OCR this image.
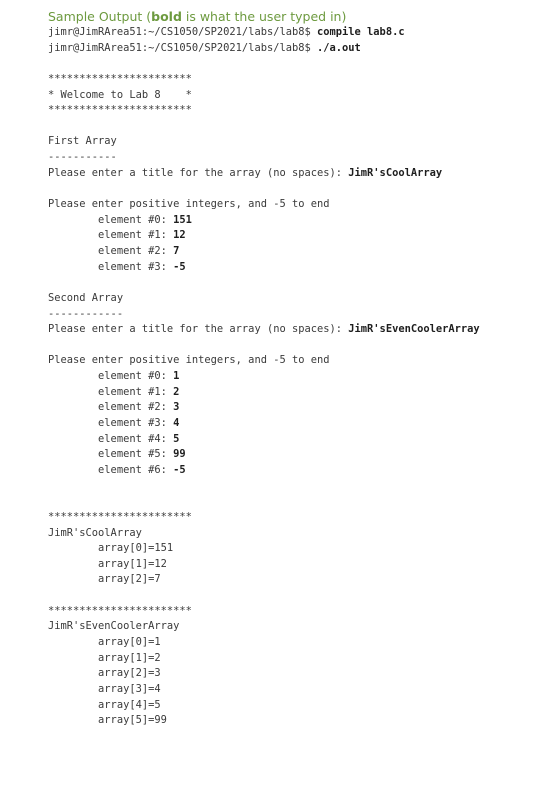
Sample Output (bold is what the user typed in)
jimr@JimRArea51:~/CS1050/SP2021/labs/lab8$ compile lab8.c
jimr@JimRArea51:~/CS1050/SP2021/labs/lab8$ ./a.out
***********************
* Welcome to Lab 8    *
***********************
First Array
-----------
Please enter a title for the array (no spaces): JimR'sCoolArray
Please enter positive integers, and -5 to end
element #0: 151
element #1: 12
element #2: 7
element #3: -5
Second Array
------------
Please enter a title for the array (no spaces): JimR'sEvenCoolerArray
Please enter positive integers, and -5 to end
element #0: 1
element #1: 2
element #2: 3
element #3: 4
element #4: 5
element #5: 99
element #6: -5
***********************
JimR'sCoolArray
array[0]=151
array[1]=12
array[2]=7
***********************
JimR'sEvenCoolerArray
array[0]=1
array[1]=2
array[2]=3
array[3]=4
array[4]=5
array[5]=99
